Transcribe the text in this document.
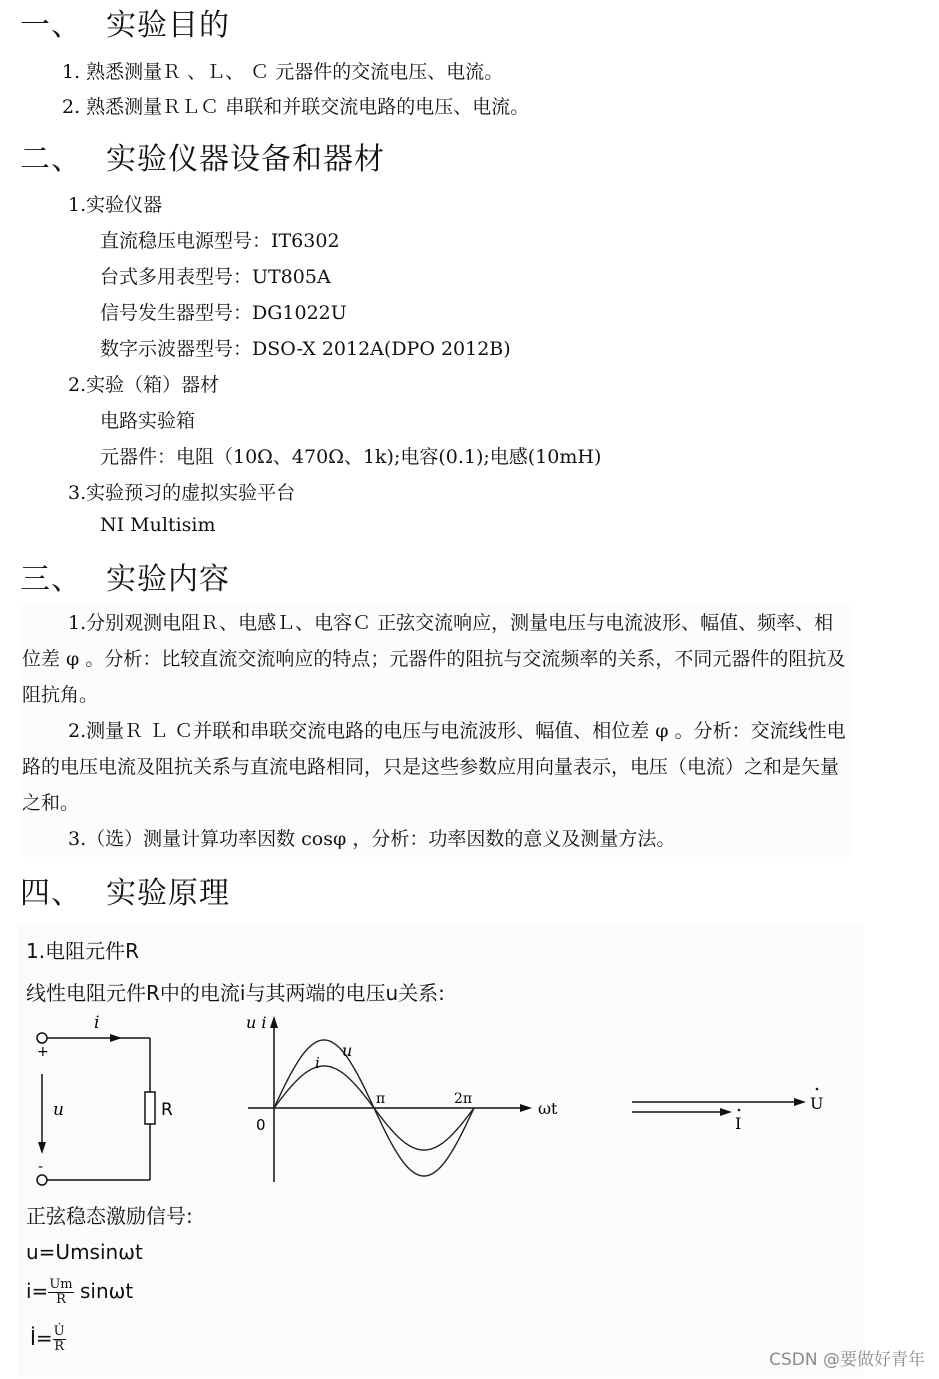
一、 实验目的

1. 熟悉测量Ｒ 、Ｌ、 Ｃ 元器件的交流电压、电流。

2. 熟悉测量ＲＬＣ 串联和并联交流电路的电压、电流。

二、 实验仪器设备和器材

1.实验仪器

直流稳压电源型号：IT6302

台式多用表型号：UT805A

信号发生器型号：DG1022U

数字示波器型号：DSO-X 2012A(DPO 2012B)

2.实验（箱）器材

电路实验箱

元器件：电阻（10Ω、470Ω、1k);电容(0.1);电感(10mH)

3.实验预习的虚拟实验平台

NI Multisim

三、 实验内容

1.分别观测电阻Ｒ、电感Ｌ、电容Ｃ 正弦交流响应，测量电压与电流波形、幅值、频率、相位差 φ 。分析：比较直流交流响应的特点；元器件的阻抗与交流频率的关系，不同元器件的阻抗及阻抗角。

2.测量Ｒ Ｌ Ｃ并联和串联交流电路的电压与电流波形、幅值、相位差 φ 。分析：交流线性电路的电压电流及阻抗关系与直流电路相同，只是这些参数应用向量表示，电压（电流）之和是矢量之和。

3.（选）测量计算功率因数 cosφ ，分析：功率因数的意义及测量方法。

四、 实验原理
1.电阻元件R
线性电阻元件R中的电流i与其两端的电压u关系:
i
u
+
-
R
u i
ωt
0
π	2π
u
i
U
I
正弦稳态激励信号:
u=Umsinωt
$i= \frac{Um}{R}$ sinωt
İ= $\frac{U̇}{R}$
CSDN @要做好青年
